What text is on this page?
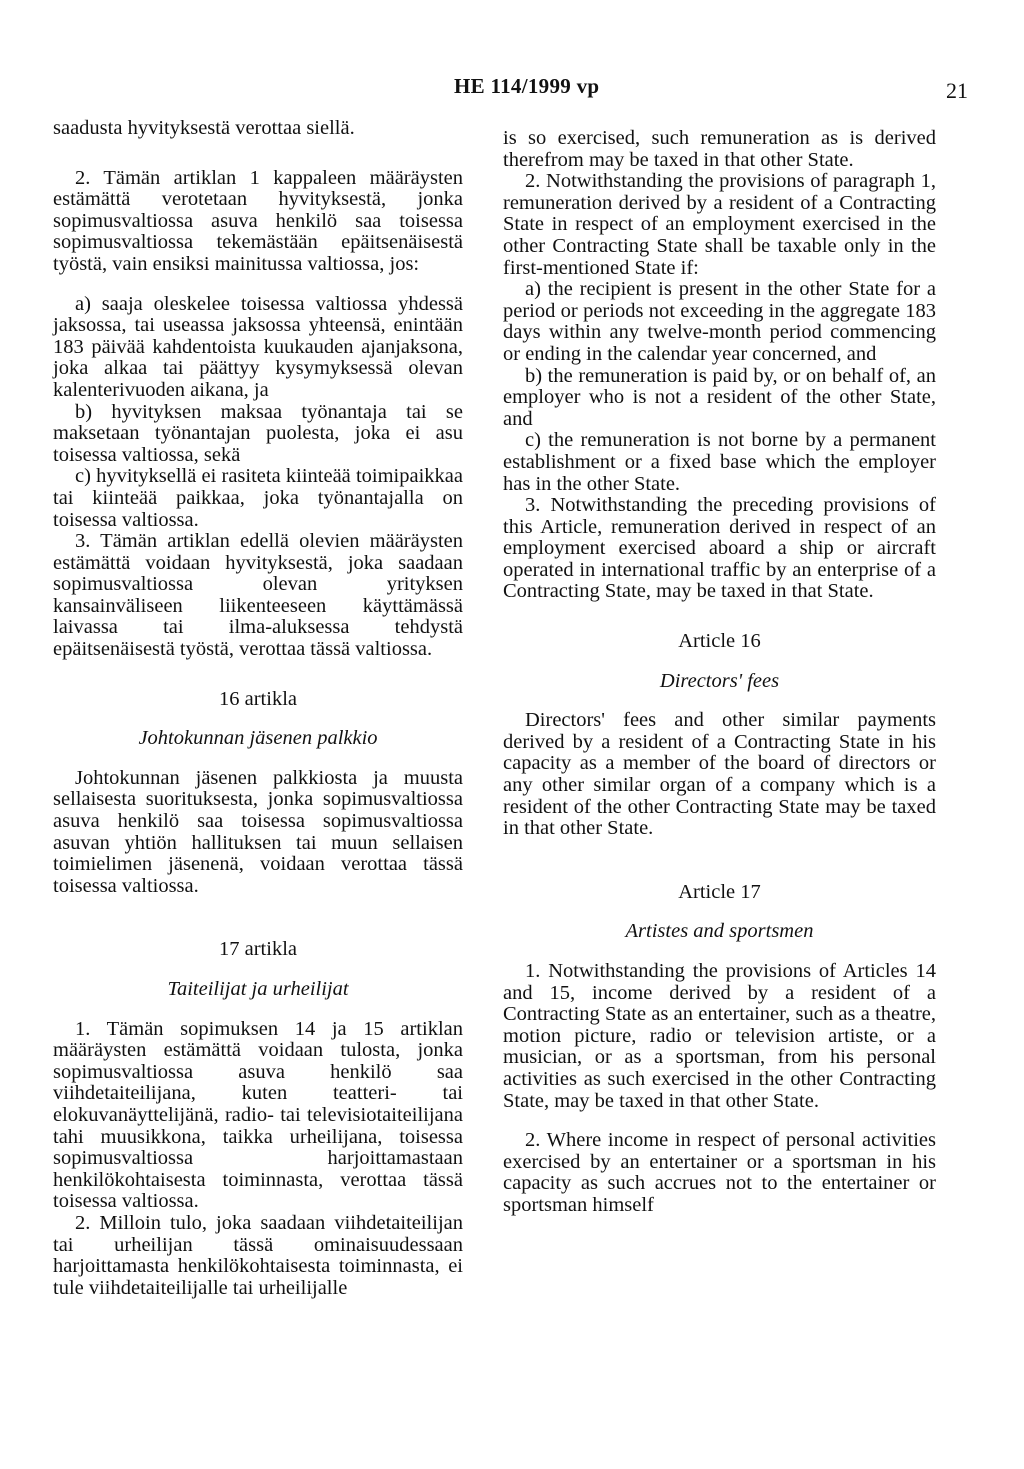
HE 114/1999 vp	21

saadusta hyvityksestä verottaa siellä.

2. Tämän artiklan 1 kappaleen määräysten estämättä verotetaan hyvityksestä, jonka sopimusvaltiossa asuva henkilö saa toisessa sopimusvaltiossa tekemästään epäitsenäisestä työstä, vain ensiksi mainitussa valtiossa, jos:

a) saaja oleskelee toisessa valtiossa yhdessä jaksossa, tai useassa jaksossa yhteensä, enintään 183 päivää kahdentoista kuukauden ajanjaksona, joka alkaa tai päättyy kysymyksessä olevan kalenterivuoden aikana, ja

b) hyvityksen maksaa työnantaja tai se maksetaan työnantajan puolesta, joka ei asu toisessa valtiossa, sekä

c) hyvityksellä ei rasiteta kiinteää toimipaikkaa tai kiinteää paikkaa, joka työnantajalla on toisessa valtiossa.

3. Tämän artiklan edellä olevien määräysten estämättä voidaan hyvityksestä, joka saadaan sopimusvaltiossa olevan yrityksen kansainväliseen liikenteeseen käyttämässä laivassa tai ilma-aluksessa tehdystä epäitsenäisestä työstä, verottaa tässä valtiossa.

16 artikla

Johtokunnan jäsenen palkkio

Johtokunnan jäsenen palkkiosta ja muusta sellaisesta suorituksesta, jonka sopimusvaltiossa asuva henkilö saa toisessa sopimusvaltiossa asuvan yhtiön hallituksen tai muun sellaisen toimielimen jäsenenä, voidaan verottaa tässä toisessa valtiossa.

17 artikla

Taiteilijat ja urheilijat

1. Tämän sopimuksen 14 ja 15 artiklan määräysten estämättä voidaan tulosta, jonka sopimusvaltiossa asuva henkilö saa viihdetaiteilijana, kuten teatteri- tai elokuvanäyttelijänä, radio- tai televisiotaiteilijana tahi muusikkona, taikka urheilijana, toisessa sopimusvaltiossa harjoittamastaan henkilökohtaisesta toiminnasta, verottaa tässä toisessa valtiossa.

2. Milloin tulo, joka saadaan viihdetaiteilijan tai urheilijan tässä ominaisuudessaan harjoittamasta henkilökohtaisesta toiminnasta, ei tule viihdetaiteilijalle tai urheilijalle

is so exercised, such remuneration as is derived therefrom may be taxed in that other State.

2. Notwithstanding the provisions of paragraph 1, remuneration derived by a resident of a Contracting State in respect of an employment exercised in the other Contracting State shall be taxable only in the first-mentioned State if:

a) the recipient is present in the other State for a period or periods not exceeding in the aggregate 183 days within any twelve-month period commencing or ending in the calendar year concerned, and

b) the remuneration is paid by, or on behalf of, an employer who is not a resident of the other State, and

c) the remuneration is not borne by a permanent establishment or a fixed base which the employer has in the other State.

3. Notwithstanding the preceding provisions of this Article, remuneration derived in respect of an employment exercised aboard a ship or aircraft operated in international traffic by an enterprise of a Contracting State, may be taxed in that State.

Article 16

Directors' fees

Directors' fees and other similar payments derived by a resident of a Contracting State in his capacity as a member of the board of directors or any other similar organ of a company which is a resident of the other Contracting State may be taxed in that other State.

Article 17

Artistes and sportsmen

1. Notwithstanding the provisions of Articles 14 and 15, income derived by a resident of a Contracting State as an entertainer, such as a theatre, motion picture, radio or television artiste, or a musician, or as a sportsman, from his personal activities as such exercised in the other Contracting State, may be taxed in that other State.

2. Where income in respect of personal activities exercised by an entertainer or a sportsman in his capacity as such accrues not to the entertainer or sportsman himself
